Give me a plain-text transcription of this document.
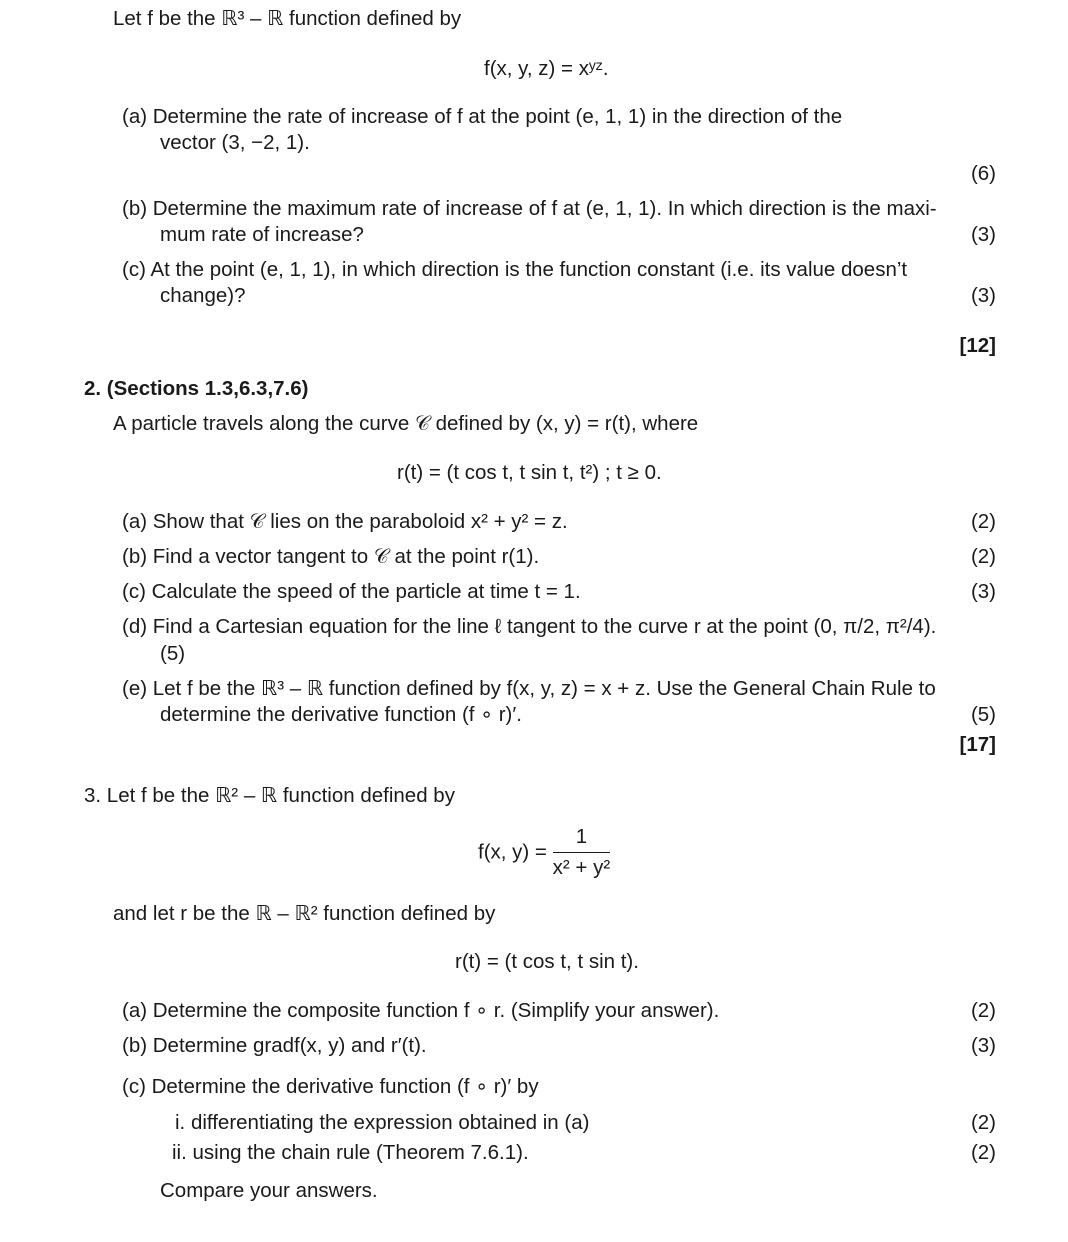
Let f be the ℝ³ – ℝ function defined by
f(x, y, z) = xʸᶻ.
(a) Determine the rate of increase of f at the point (e, 1, 1) in the direction of the
vector (3, −2, 1).
(6)
(b) Determine the maximum rate of increase of f at (e, 1, 1). In which direction is the maxi-
mum rate of increase?	(3)
(c) At the point (e, 1, 1), in which direction is the function constant (i.e. its value doesn’t
change)?	(3)
[12]
2. (Sections 1.3,6.3,7.6)
A particle travels along the curve 𝒞 defined by (x, y) = r(t), where
r(t) = (t cos t, t sin t, t²) ; t ≥ 0.
(a) Show that 𝒞 lies on the paraboloid x² + y² = z.	(2)
(b) Find a vector tangent to 𝒞 at the point r(1).	(2)
(c) Calculate the speed of the particle at time t = 1.	(3)
(d) Find a Cartesian equation for the line ℓ tangent to the curve r at the point (0, π/2, π²/4).
(5)
(e) Let f be the ℝ³ – ℝ function defined by f(x, y, z) = x + z. Use the General Chain Rule to
determine the derivative function (f ∘ r)′.	(5)
[17]
3. Let f be the ℝ² – ℝ function defined by
f(x, $y) = \frac{1}{\text{x² + y²}}$
and let r be the ℝ – ℝ² function defined by
r(t) = (t cos t, t sin t).
(a) Determine the composite function f ∘ r. (Simplify your answer).	(2)
(b) Determine gradf(x, y) and r′(t).	(3)
(c) Determine the derivative function (f ∘ r)′ by
i. differentiating the expression obtained in (a)	(2)
ii. using the chain rule (Theorem 7.6.1).	(2)
Compare your answers.
